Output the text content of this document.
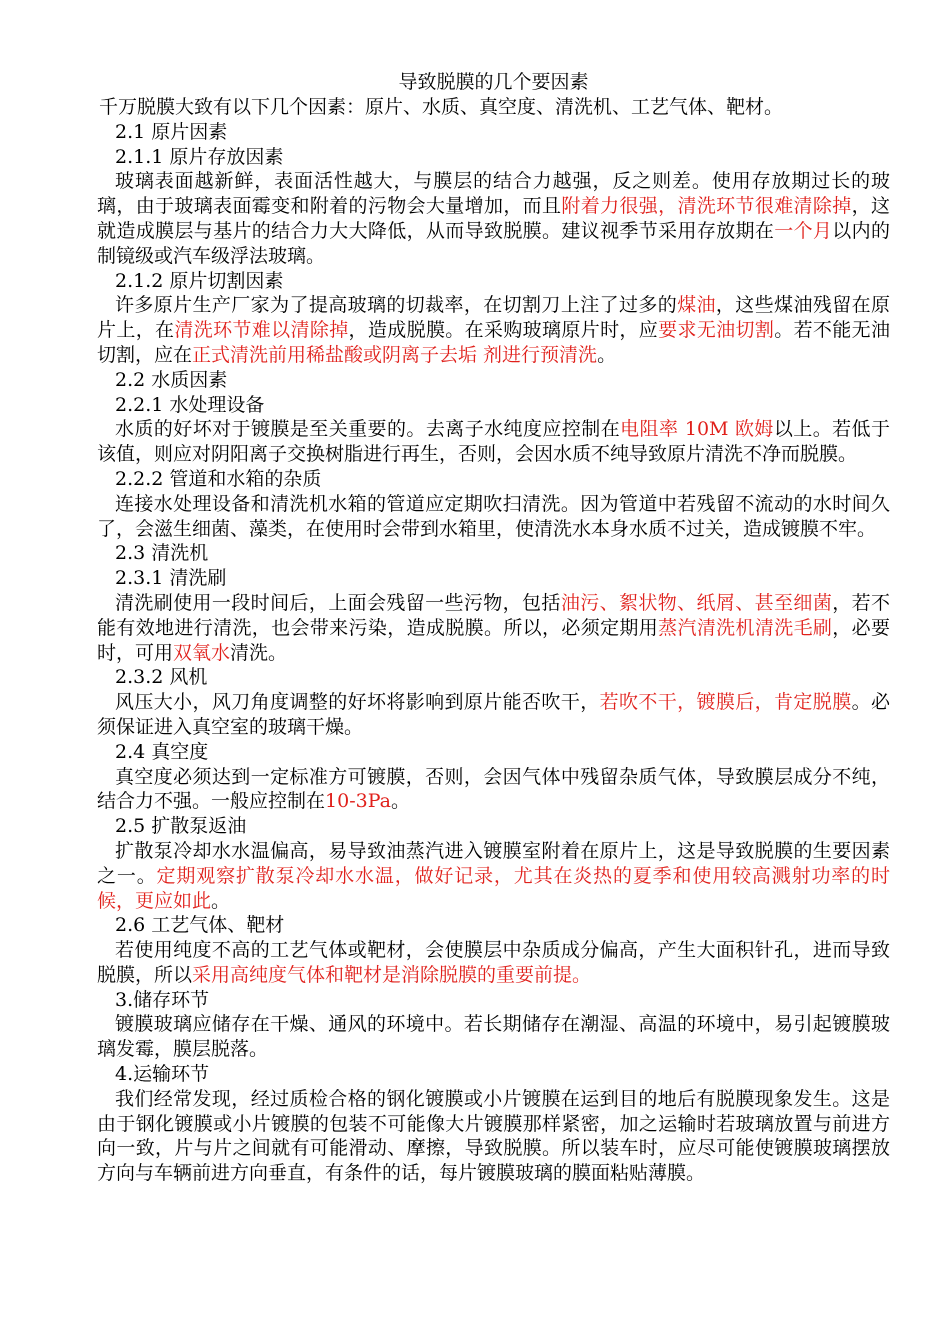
导致脱膜的几个要因素

千万脱膜大致有以下几个因素：原片、水质、真空度、清洗机、工艺气体、靶材。

2.1 原片因素

2.1.1 原片存放因素

玻璃表面越新鲜，表面活性越大，与膜层的结合力越强，反之则差。使用存放期过长的玻璃，由于玻璃表面霉变和附着的污物会大量增加，而且附着力很强，清洗环节很难清除掉，这就造成膜层与基片的结合力大大降低，从而导致脱膜。建议视季节采用存放期在一个月以内的制镜级或汽车级浮法玻璃。

2.1.2 原片切割因素

许多原片生产厂家为了提高玻璃的切裁率，在切割刀上注了过多的煤油，这些煤油残留在原片上，在清洗环节难以清除掉，造成脱膜。在采购玻璃原片时，应要求无油切割。若不能无油切割，应在正式清洗前用稀盐酸或阴离子去垢 剂进行预清洗。

2.2 水质因素

2.2.1 水处理设备

水质的好坏对于镀膜是至关重要的。去离子水纯度应控制在电阻率 10M 欧姆以上。若低于该值，则应对阴阳离子交换树脂进行再生，否则，会因水质不纯导致原片清洗不净而脱膜。

2.2.2 管道和水箱的杂质

连接水处理设备和清洗机水箱的管道应定期吹扫清洗。因为管道中若残留不流动的水时间久了，会滋生细菌、藻类，在使用时会带到水箱里，使清洗水本身水质不过关，造成镀膜不牢。

2.3 清洗机

2.3.1 清洗刷

清洗刷使用一段时间后，上面会残留一些污物，包括油污、絮状物、纸屑、甚至细菌，若不能有效地进行清洗，也会带来污染，造成脱膜。所以，必须定期用蒸汽清洗机清洗毛刷，必要时，可用双氧水清洗。

2.3.2 风机

风压大小，风刀角度调整的好坏将影响到原片能否吹干，若吹不干，镀膜后，肯定脱膜。必须保证进入真空室的玻璃干燥。

2.4 真空度

真空度必须达到一定标准方可镀膜，否则，会因气体中残留杂质气体，导致膜层成分不纯，结合力不强。一般应控制在10-3Pa。

2.5 扩散泵返油

扩散泵冷却水水温偏高，易导致油蒸汽进入镀膜室附着在原片上，这是导致脱膜的生要因素之一。定期观察扩散泵冷却水水温，做好记录，尤其在炎热的夏季和使用较高溅射功率的时候，更应如此。

2.6 工艺气体、靶材

若使用纯度不高的工艺气体或靶材，会使膜层中杂质成分偏高，产生大面积针孔，进而导致脱膜，所以采用高纯度气体和靶材是消除脱膜的重要前提。

3.储存环节

镀膜玻璃应储存在干燥、通风的环境中。若长期储存在潮湿、高温的环境中，易引起镀膜玻璃发霉，膜层脱落。

4.运输环节

我们经常发现，经过质检合格的钢化镀膜或小片镀膜在运到目的地后有脱膜现象发生。这是由于钢化镀膜或小片镀膜的包装不可能像大片镀膜那样紧密，加之运输时若玻璃放置与前进方向一致，片与片之间就有可能滑动、摩擦，导致脱膜。所以装车时，应尽可能使镀膜玻璃摆放方向与车辆前进方向垂直，有条件的话，每片镀膜玻璃的膜面粘贴薄膜。
